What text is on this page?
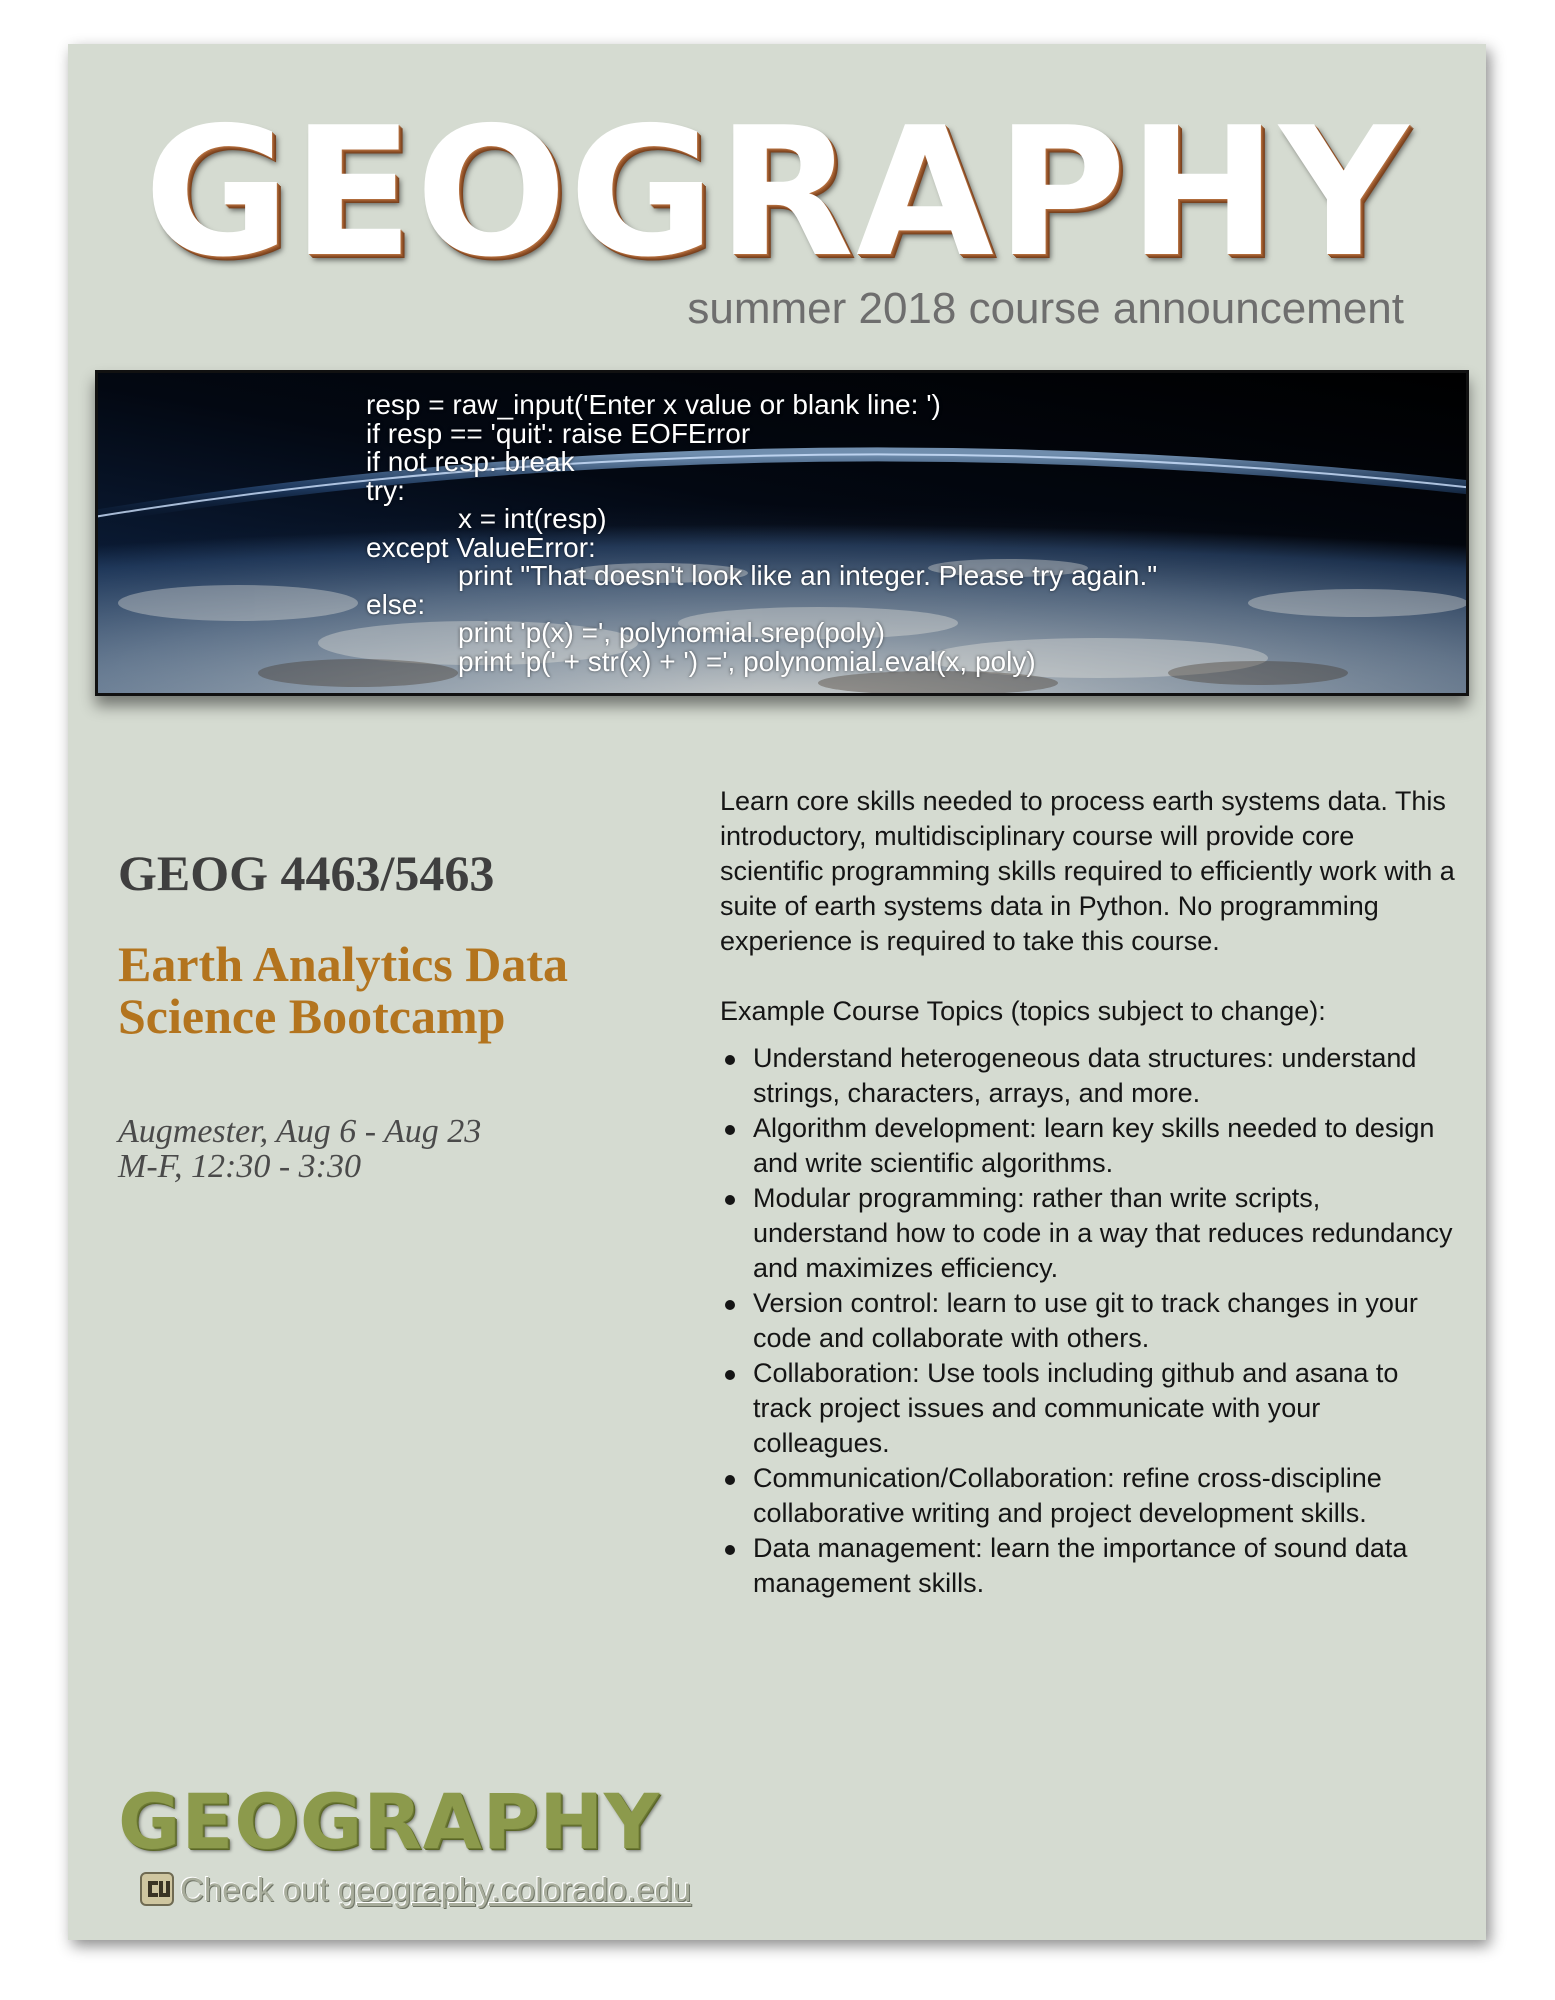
GEOGRAPHY

summer 2018 course announcement

resp = raw_input('Enter x value or blank line: ')
if resp == 'quit': raise EOFError
if not resp: break
try:
x = int(resp)
except ValueError:
print "That doesn't look like an integer. Please try again."
else:
print 'p(x) =', polynomial.srep(poly)
print 'p(' + str(x) + ') =', polynomial.eval(x, poly)
GEOG 4463/5463
Earth Analytics Data
Science Bootcamp

Augmester, Aug 6 - Aug 23
M-F, 12:30 - 3:30

Learn core skills needed to process earth systems data. This introductory, multidisciplinary course will provide core scientific programming skills required to efficiently work with a suite of earth systems data in Python. No programming experience is required to take this course.

Example Course Topics (topics subject to change):

Understand heterogeneous data structures: understand strings, characters, arrays, and more.
Algorithm development: learn key skills needed to design and write scientific algorithms.
Modular programming: rather than write scripts, understand how to code in a way that reduces redundancy and maximizes efficiency.
Version control: learn to use git to track changes in your code and collaborate with others.
Collaboration: Use tools including github and asana to track project issues and communicate with your colleagues.
Communication/Collaboration: refine cross-discipline collaborative writing and project development skills.
Data management: learn the importance of sound data management skills.
GEOGRAPHY
Check out geography.colorado.edu
